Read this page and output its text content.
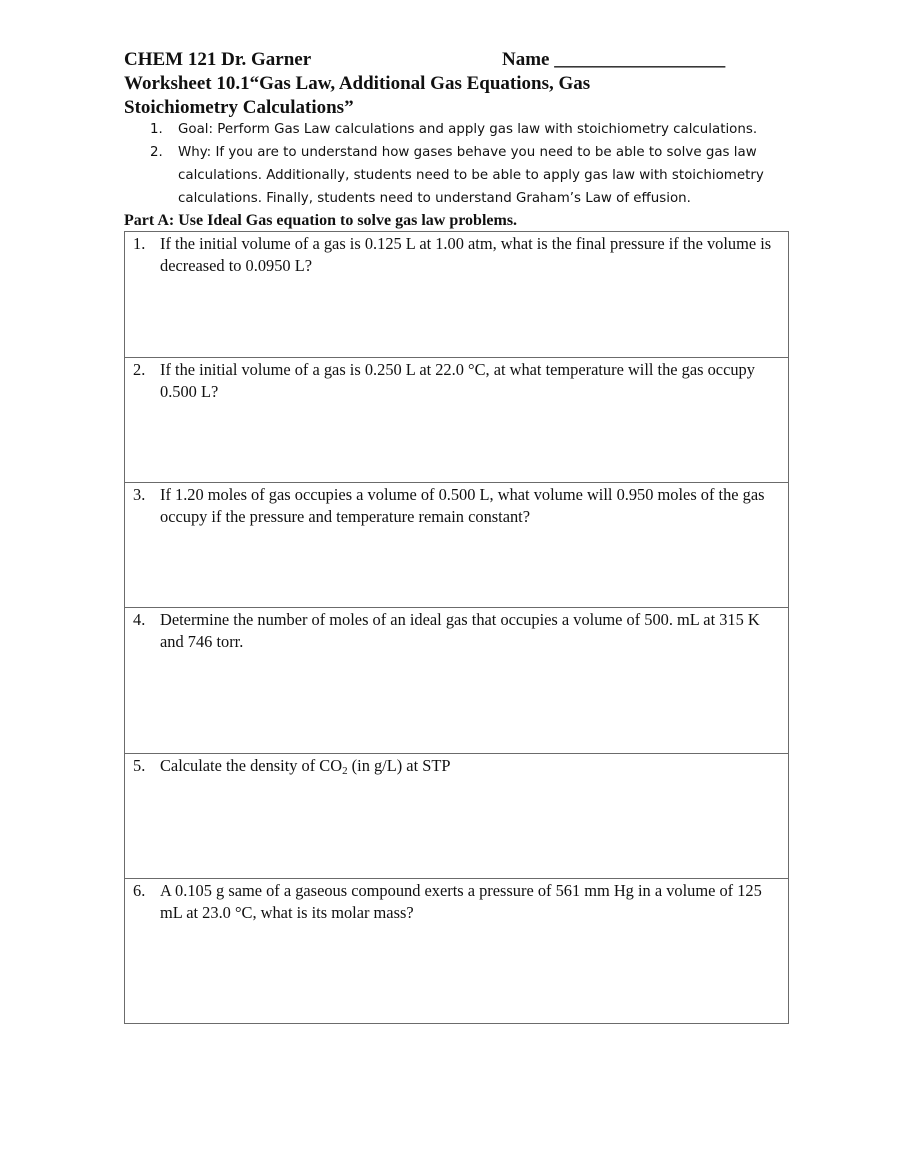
CHEM 121 Dr. Garner	Name __________________
Worksheet 10.1“Gas Law, Additional Gas Equations, Gas
Stoichiometry Calculations”
1. Goal: Perform Gas Law calculations and apply gas law with stoichiometry calculations.
2. Why: If you are to understand how gases behave you need to be able to solve gas law calculations. Additionally, students need to be able to apply gas law with stoichiometry calculations. Finally, students need to understand Graham’s Law of effusion.
Part A: Use Ideal Gas equation to solve gas law problems.
1. If the initial volume of a gas is 0.125 L at 1.00 atm, what is the final pressure if the volume is decreased to 0.0950 L?
2. If the initial volume of a gas is 0.250 L at 22.0 °C, at what temperature will the gas occupy 0.500 L?
3. If 1.20 moles of gas occupies a volume of 0.500 L, what volume will 0.950 moles of the gas occupy if the pressure and temperature remain constant?
4. Determine the number of moles of an ideal gas that occupies a volume of 500. mL at 315 K and 746 torr.
5. Calculate the density of CO2 (in g/L) at STP
6. A 0.105 g same of a gaseous compound exerts a pressure of 561 mm Hg in a volume of 125 mL at 23.0 °C, what is its molar mass?
